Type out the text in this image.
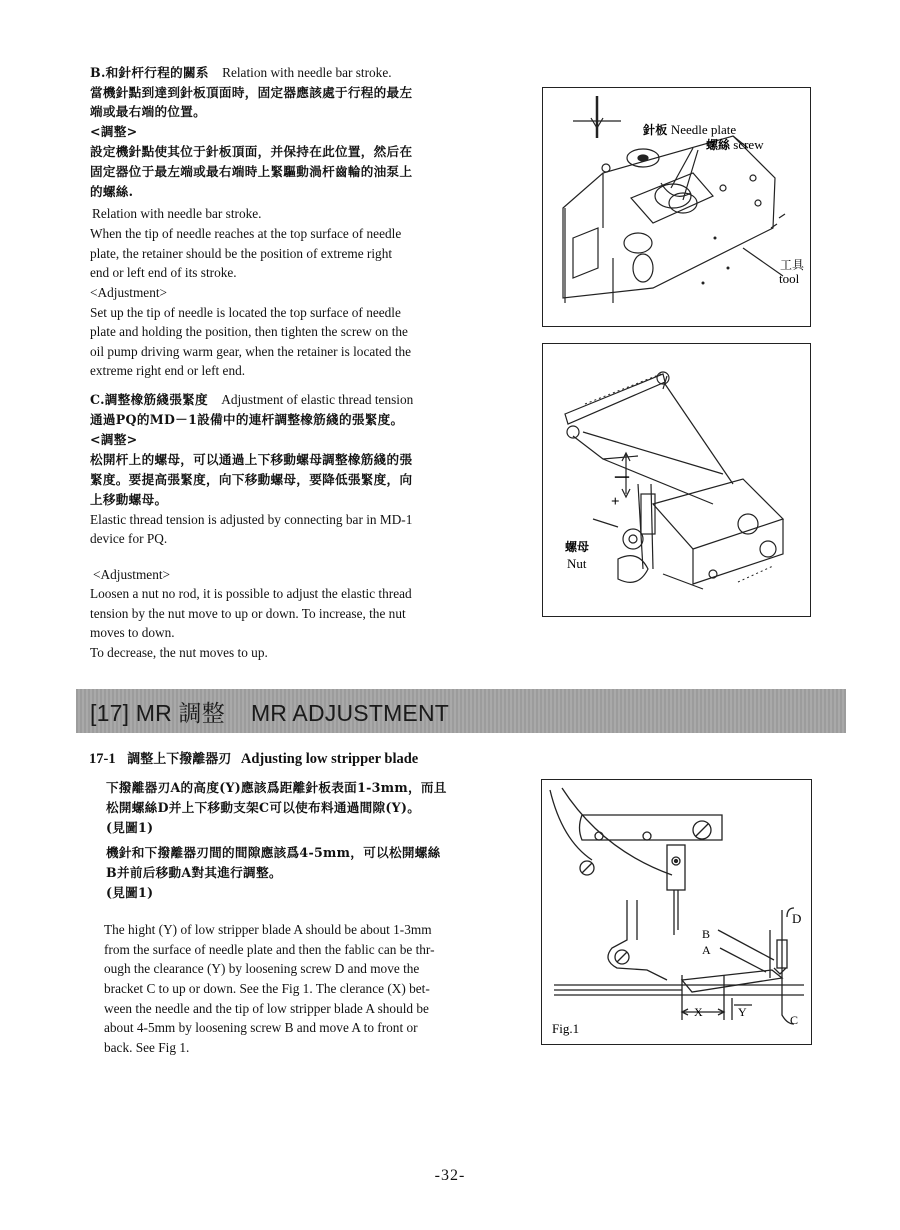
B.和針杆行程的關系 Relation with needle bar stroke.
當機針點到達到針板頂面時，固定器應該處于行程的最左
端或最右端的位置。
<調整>
設定機針點使其位于針板頂面，并保持在此位置，然后在
固定器位于最左端或最右端時上緊驅動渦杆齒輪的油泵上
的螺絲.
Relation with needle bar stroke.
When the tip of needle reaches at the top surface of needle
plate, the retainer should be the position of extreme right
end or left end of its stroke.
<Adjustment>
Set up the tip of needle is located the top surface of needle
plate and holding the position, then tighten the screw on the
oil pump driving warm gear, when the retainer is located the
extreme right end or left end.
C.調整橡筋綫張緊度 Adjustment of elastic thread tension
通過PQ的MD－1設備中的連杆調整橡筋綫的張緊度。
<調整>
松開杆上的螺母，可以通過上下移動螺母調整橡筋綫的張
緊度。要提高張緊度，向下移動螺母，要降低張緊度，向
上移動螺母。
Elastic thread tension is adjusted by connecting bar in MD-1
device for PQ.
<Adjustment>
Loosen a nut no rod, it is possible to adjust the elastic thread
tension by the nut move to up or down. To increase, the nut
moves to down.
To decrease, the nut moves to up.
針板 Needle plate
螺絲 screw
工具
tool
－
+
螺母
Nut
[17] MR 調整 MR ADJUSTMENT
17-1 調整上下撥離器刃 Adjusting low stripper blade
下撥離器刃A的高度(Y)應該爲距離針板表面1-3mm，而且
松開螺絲D并上下移動支架C可以使布料通過間隙(Y)。
(見圖1)
機針和下撥離器刃間的間隙應該爲4-5mm，可以松開螺絲
B并前后移動A對其進行調整。
(見圖1)
The hight (Y) of low stripper blade A should be about 1-3mm
from the surface of needle plate and then the fablic can be thr-
ough the clearance (Y) by loosening screw D and move the
bracket C to up or down. See the Fig 1. The clerance (X) bet-
ween the needle and the tip of low stripper blade A should be
about 4-5mm by loosening screw B and move A to front or
back. See Fig 1.
D
B
A
X	Y
C
Fig.1
-32-
